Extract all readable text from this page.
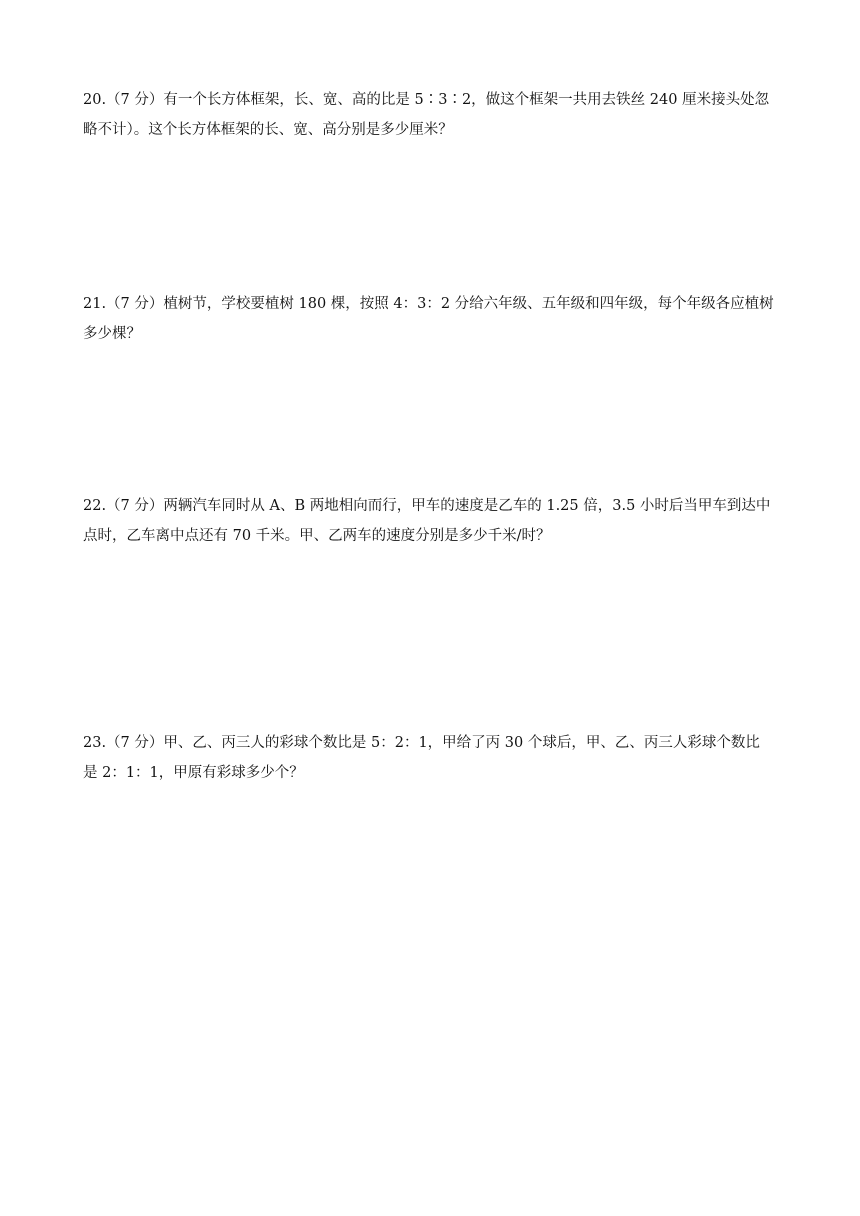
20.（7 分）有一个长方体框架，长、宽、高的比是 5∶3∶2，做这个框架一共用去铁丝 240 厘米接头处忽
略不计）。这个长方体框架的长、宽、高分别是多少厘米？
21.（7 分）植树节，学校要植树 180 棵，按照 4：3：2 分给六年级、五年级和四年级，每个年级各应植树
多少棵？
22.（7 分）两辆汽车同时从 A、B 两地相向而行，甲车的速度是乙车的 1.25 倍，3.5 小时后当甲车到达中
点时，乙车离中点还有 70 千米。甲、乙两车的速度分别是多少千米/时？
23.（7 分）甲、乙、丙三人的彩球个数比是 5：2：1，甲给了丙 30 个球后，甲、乙、丙三人彩球个数比
是 2：1：1，甲原有彩球多少个？
